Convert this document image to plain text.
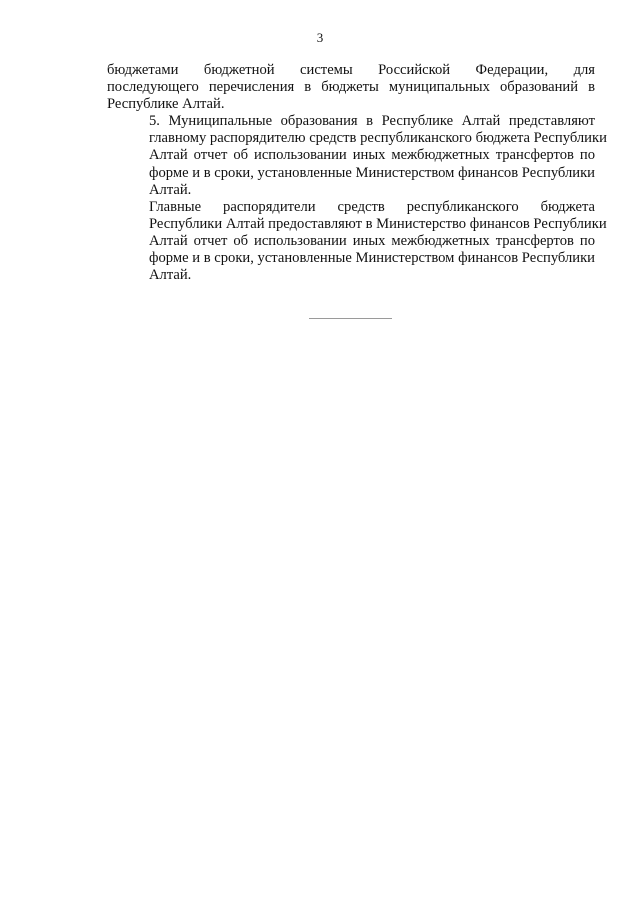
3

бюджетами бюджетной системы Российской Федерации, для
последующего перечисления в бюджеты муниципальных образований в
Республике Алтай.

5. Муниципальные образования в Республике Алтай представляют
главному распорядителю средств республиканского бюджета Республики
Алтай отчет об использовании иных межбюджетных трансфертов по
форме и в сроки, установленные Министерством финансов Республики
Алтай.

Главные распорядители средств республиканского бюджета
Республики Алтай предоставляют в Министерство финансов Республики
Алтай отчет об использовании иных межбюджетных трансфертов по
форме и в сроки, установленные Министерством финансов Республики
Алтай.
